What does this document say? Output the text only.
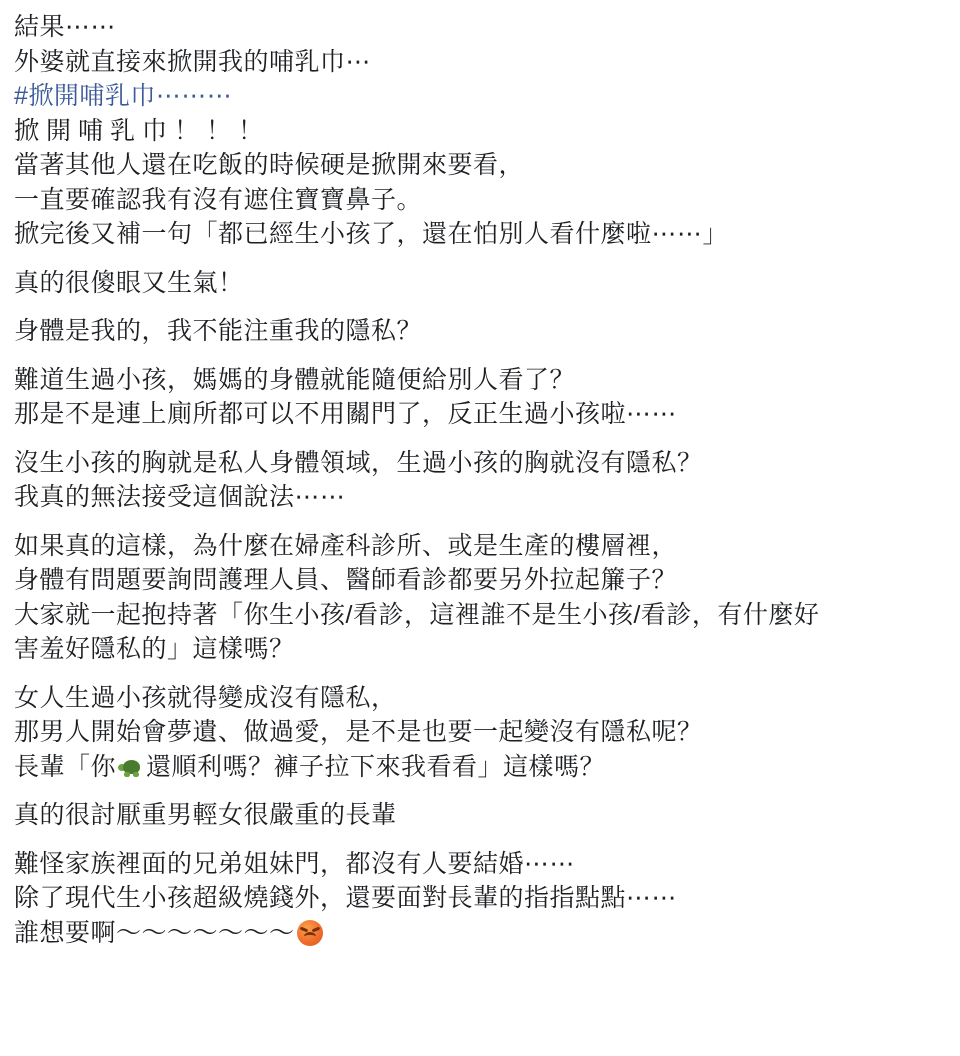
結果⋯⋯
外婆就直接來掀開我的哺乳巾⋯
#掀開哺乳巾⋯⋯⋯
掀開哺乳巾！！！
當著其他人還在吃飯的時候硬是掀開來要看，
一直要確認我有沒有遮住寶寶鼻子。
掀完後又補一句「都已經生小孩了，還在怕別人看什麼啦⋯⋯」
真的很傻眼又生氣！
身體是我的，我不能注重我的隱私？
難道生過小孩，媽媽的身體就能隨便給別人看了？
那是不是連上廁所都可以不用關門了，反正生過小孩啦⋯⋯
沒生小孩的胸就是私人身體領域，生過小孩的胸就沒有隱私？
我真的無法接受這個說法⋯⋯
如果真的這樣，為什麼在婦產科診所、或是生產的樓層裡，
身體有問題要詢問護理人員、醫師看診都要另外拉起簾子？
大家就一起抱持著「你生小孩/看診，這裡誰不是生小孩/看診，有什麼好
害羞好隱私的」這樣嗎？
女人生過小孩就得變成沒有隱私，
那男人開始會夢遺、做過愛，是不是也要一起變沒有隱私呢？
長輩「你 還順利嗎？褲子拉下來我看看」這樣嗎？
真的很討厭重男輕女很嚴重的長輩
難怪家族裡面的兄弟姐妹門，都沒有人要結婚⋯⋯
除了現代生小孩超級燒錢外，還要面對長輩的指指點點⋯⋯
誰想要啊～～～～～～～
